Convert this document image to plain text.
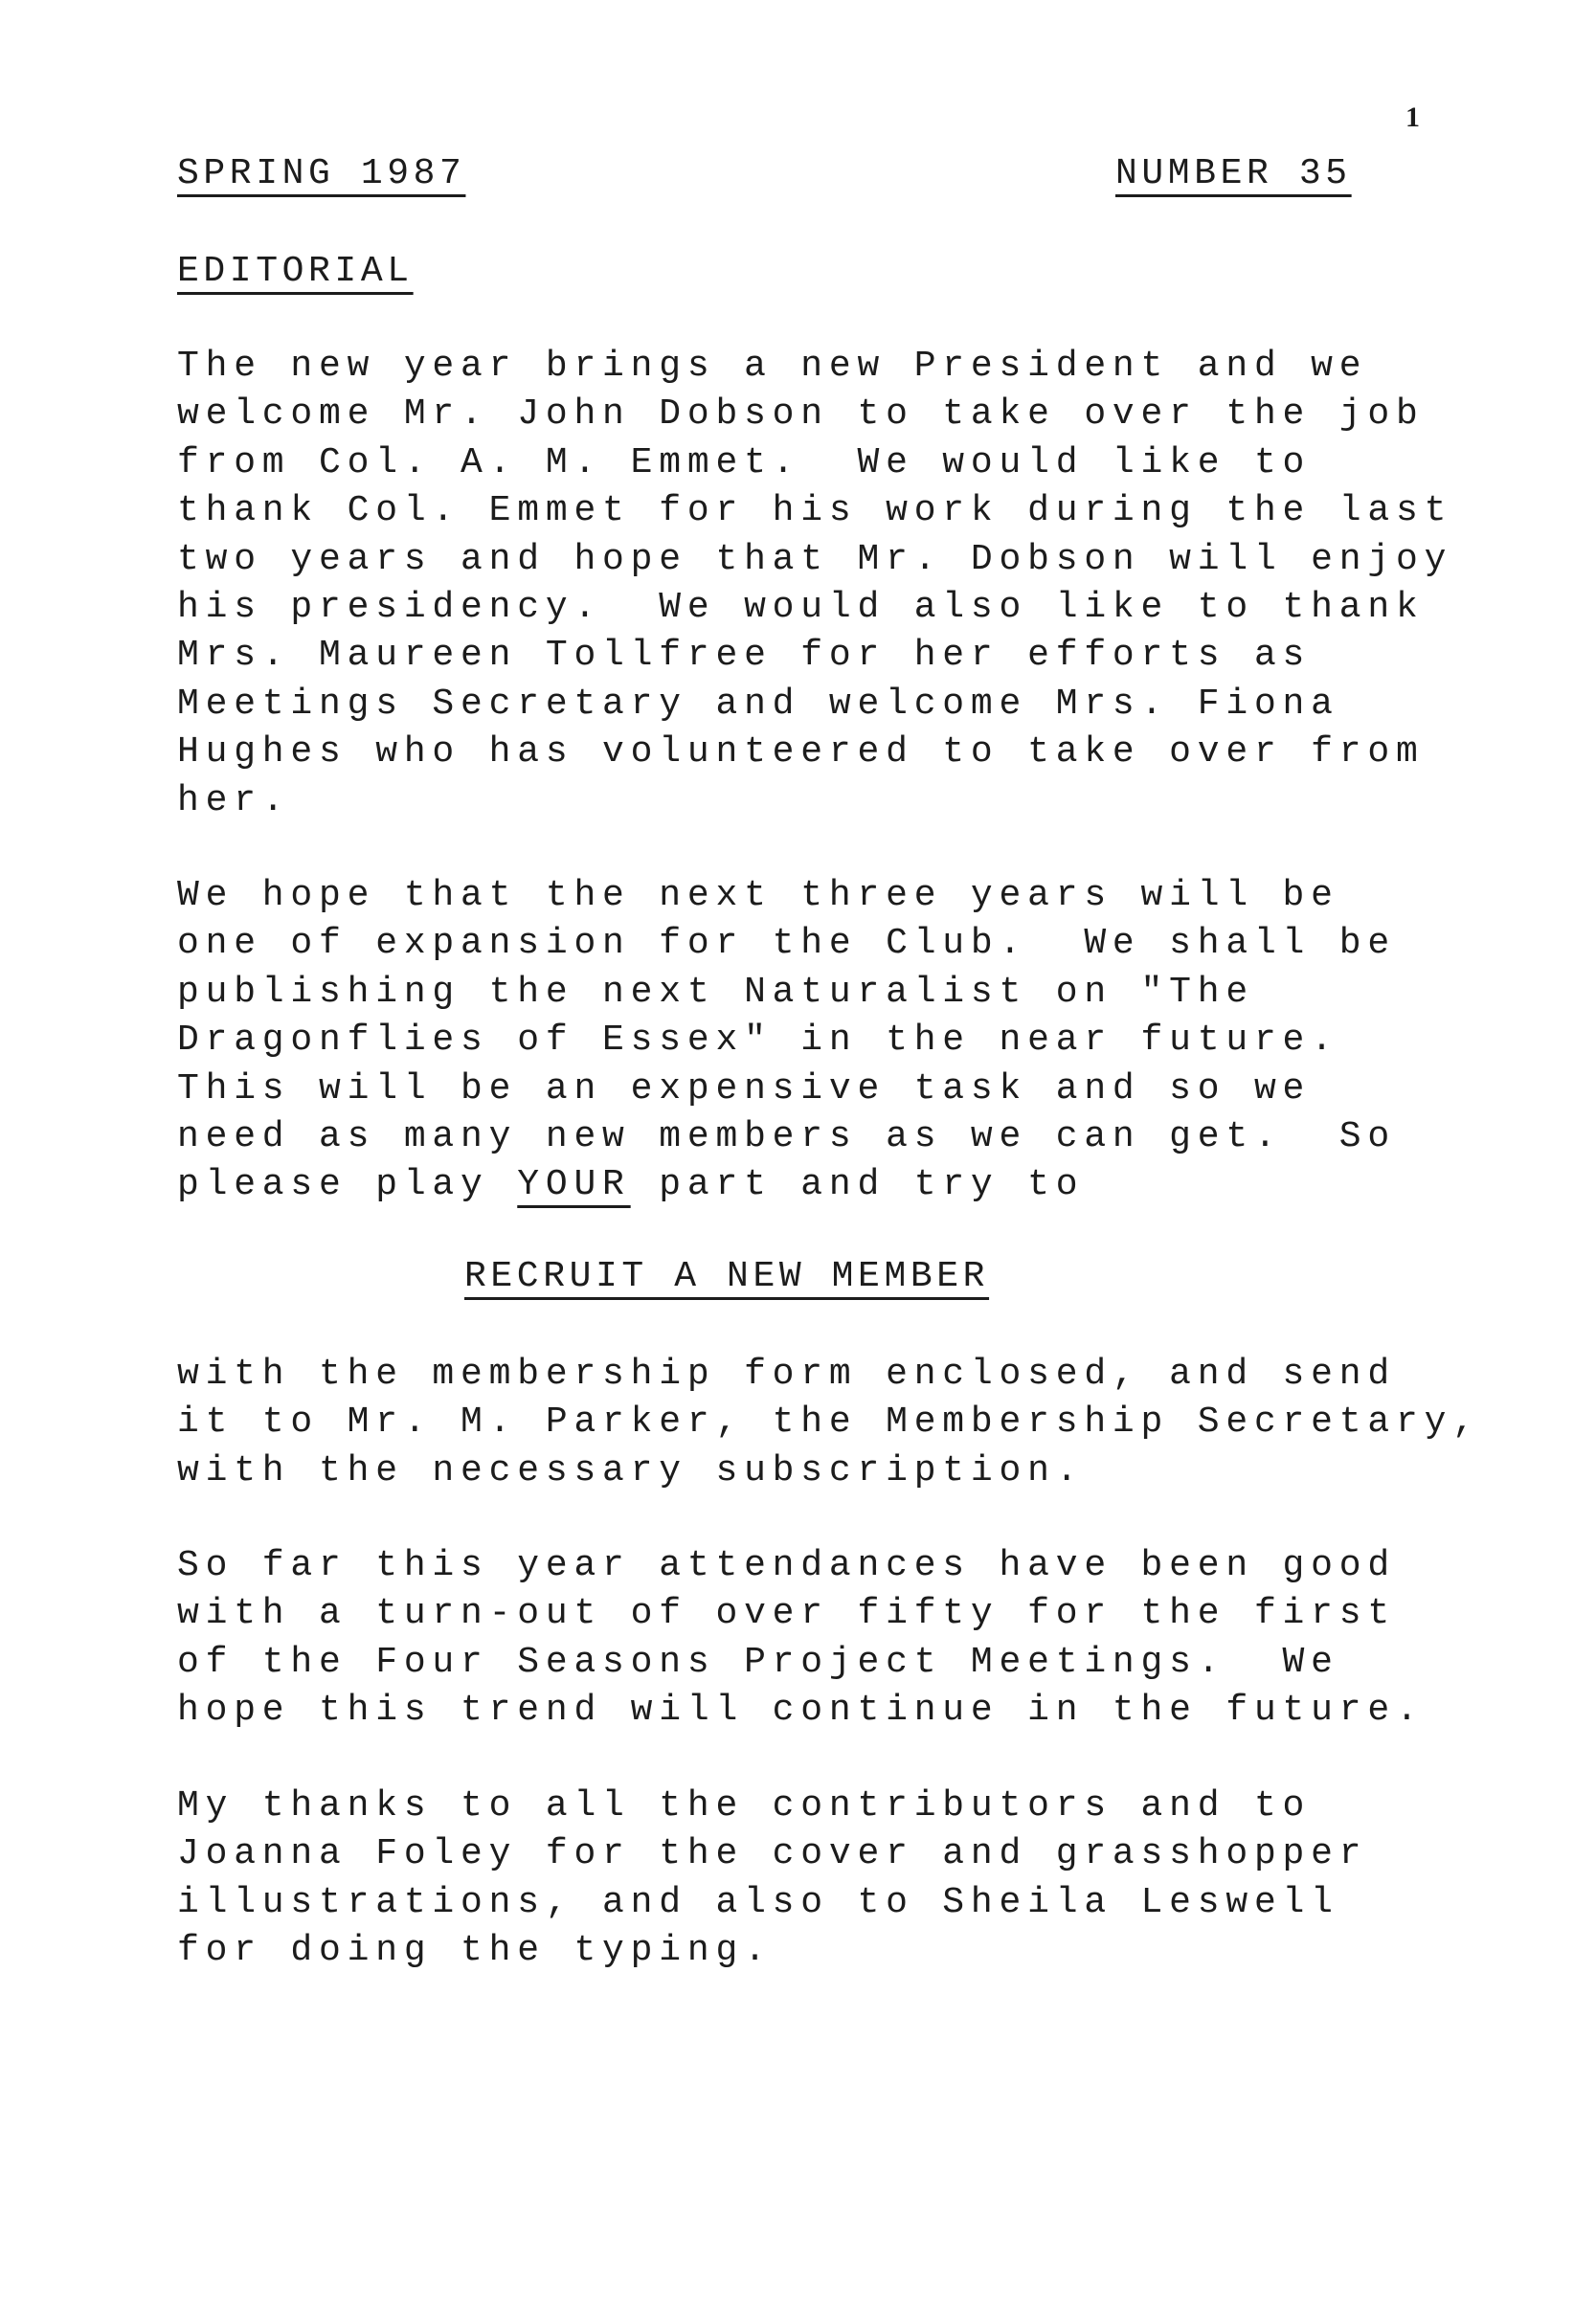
1
SPRING 1987	NUMBER 35
EDITORIAL

The new year brings a new President and we
welcome Mr. John Dobson to take over the job
from Col. A. M. Emmet.  We would like to
thank Col. Emmet for his work during the last
two years and hope that Mr. Dobson will enjoy
his presidency.  We would also like to thank
Mrs. Maureen Tollfree for her efforts as
Meetings Secretary and welcome Mrs. Fiona
Hughes who has volunteered to take over from
her.

We hope that the next three years will be
one of expansion for the Club.  We shall be
publishing the next Naturalist on "The
Dragonflies of Essex" in the near future.
This will be an expensive task and so we
need as many new members as we can get.  So
please play YOUR part and try to

RECRUIT A NEW MEMBER

with the membership form enclosed, and send
it to Mr. M. Parker, the Membership Secretary,
with the necessary subscription.

So far this year attendances have been good
with a turn-out of over fifty for the first
of the Four Seasons Project Meetings.  We
hope this trend will continue in the future.

My thanks to all the contributors and to
Joanna Foley for the cover and grasshopper
illustrations, and also to Sheila Leswell
for doing the typing.
